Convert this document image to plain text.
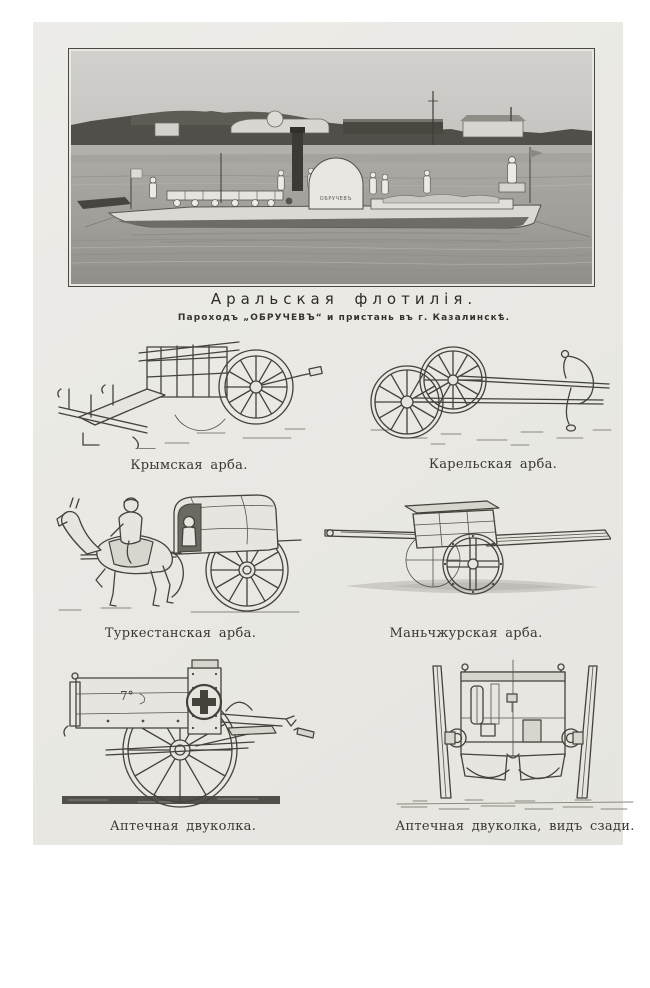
ОБРУЧЕВЪ
Аральская флотилія.
Пароходъ „ОБРУЧЕВЪ“ и пристань въ г. Казалинскѣ.
Крымская арба.	Карельская арба.
Туркестанская арба.	Маньчжурская арба.
7°
Аптечная двуколка.	Аптечная двуколка, видъ сзади.
